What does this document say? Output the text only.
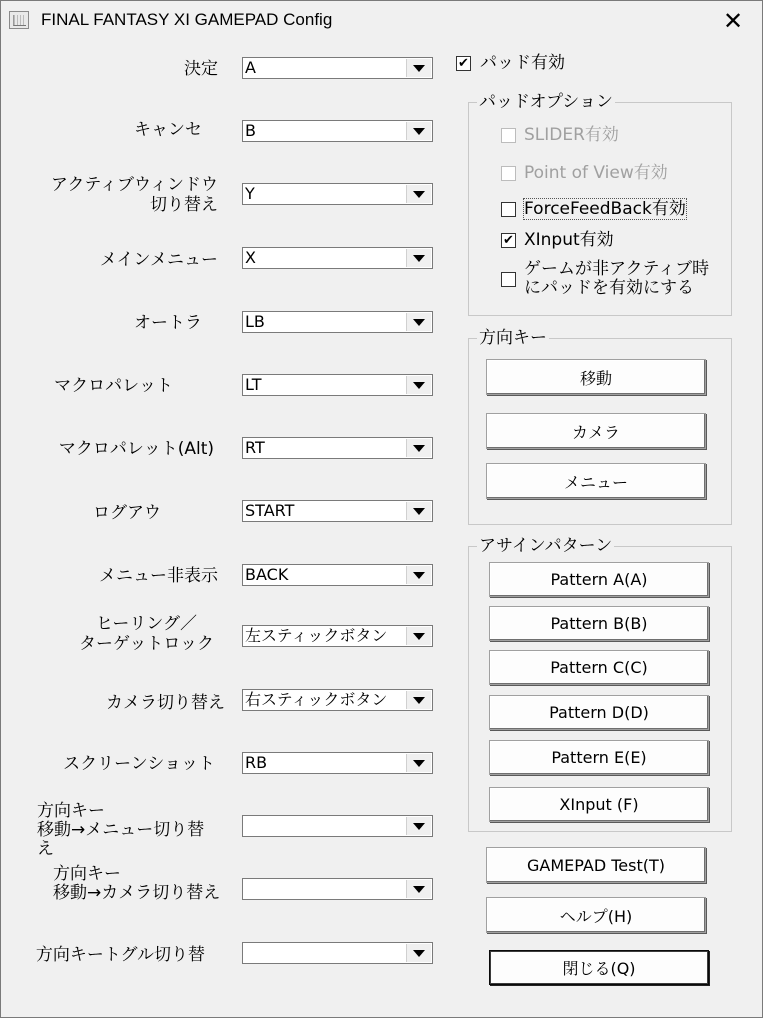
FINAL FANTASY XI GAMEPAD Config	✕
決定 A
キャンセ	B
アクティブウィンドウ
切り替え
Y
メインメニュー X
オートラ	LB
マクロパレット	LT
マクロパレット(Alt) RT
ログアウ	START
メニュー非表示 BACK
ヒーリング／
ターゲットロック 左スティックボタン
カメラ切り替え 右スティックボタン
スクリーンショット RB
方向キー
移動→メニュー切り替
え
方向キー
移動→カメラ切り替え
方向キートグル切り替
✔ パッド有効
パッドオプション
SLIDER有効
Point of View有効
ForceFeedBack有効
✔ XInput有効
ゲームが非アクティブ時
にパッドを有効にする
方向キー
移動
カメラ
メニュー
アサインパターン
Pattern A(A)
Pattern B(B)
Pattern C(C)
Pattern D(D)
Pattern E(E)
XInput (F)
GAMEPAD Test(T)
ヘルプ(H)
閉じる(Q)
